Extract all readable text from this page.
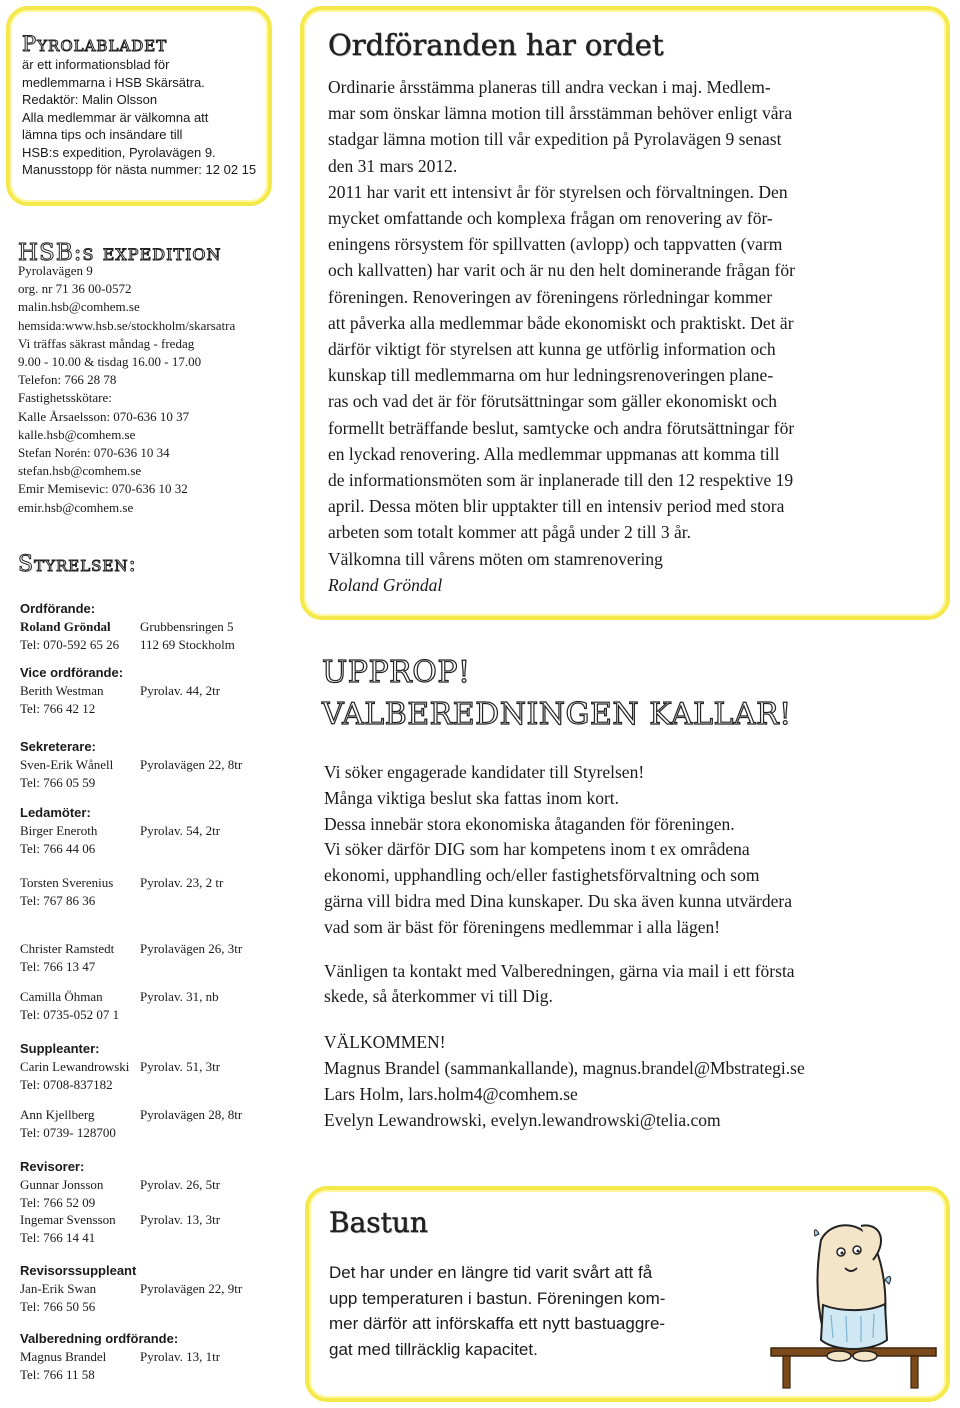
Pyrolabladet
är ett informationsblad för
medlemmarna i HSB Skärsätra.
Redaktör: Malin Olsson
Alla medlemmar är välkomna att
lämna tips och insändare till
HSB:s expedition, Pyrolavägen 9.
Manusstopp för nästa nummer: 12 02 15
HSB:s expedition
Pyrolavägen 9
org. nr 71 36 00-0572
malin.hsb@comhem.se
hemsida:www.hsb.se/stockholm/skarsatra
Vi träffas säkrast måndag - fredag
9.00 - 10.00 & tisdag 16.00 - 17.00
Telefon: 766 28 78
Fastighetsskötare:
Kalle Årsaelsson: 070-636 10 37
kalle.hsb@comhem.se
Stefan Norén: 070-636 10 34
stefan.hsb@comhem.se
Emir Memisevic: 070-636 10 32
emir.hsb@comhem.se
Styrelsen:
Ordförande:
Roland Gröndal	Grubbensringen 5
Tel: 070-592 65 26	112 69 Stockholm
Vice ordförande:
Berith Westman	Pyrolav. 44, 2tr
Tel: 766 42 12
Sekreterare:
Sven-Erik Wånell	Pyrolavägen 22, 8tr
Tel: 766 05 59
Ledamöter:
Birger Eneroth	Pyrolav. 54, 2tr
Tel: 766 44 06
Torsten Sverenius	Pyrolav. 23, 2 tr
Tel: 767 86 36
Christer Ramstedt	Pyrolavägen 26, 3tr
Tel: 766 13 47
Camilla Öhman	Pyrolav. 31, nb
Tel: 0735-052 07 1
Suppleanter:
Carin Lewandrowski Pyrolav. 51, 3tr
Tel: 0708-837182
Ann Kjellberg	Pyrolavägen 28, 8tr
Tel: 0739- 128700
Revisorer:
Gunnar Jonsson	Pyrolav. 26, 5tr
Tel: 766 52 09
Ingemar Svensson	Pyrolav. 13, 3tr
Tel: 766 14 41
Revisorssuppleant
Jan-Erik Swan	Pyrolavägen 22, 9tr
Tel: 766 50 56
Valberedning ordförande:
Magnus Brandel	Pyrolav. 13, 1tr
Tel: 766 11 58
Ordföranden har ordet
Ordinarie årsstämma planeras till andra veckan i maj. Medlem-
mar som önskar lämna motion till årsstämman behöver enligt våra
stadgar lämna motion till vår expedition på Pyrolavägen 9 senast
den 31 mars 2012.
2011 har varit ett intensivt år för styrelsen och förvaltningen. Den
mycket omfattande och komplexa frågan om renovering av för-
eningens rörsystem för spillvatten (avlopp) och tappvatten (varm
och kallvatten) har varit och är nu den helt dominerande frågan för
föreningen. Renoveringen av föreningens rörledningar kommer
att påverka alla medlemmar både ekonomiskt och praktiskt. Det är
därför viktigt för styrelsen att kunna ge utförlig information och
kunskap till medlemmarna om hur ledningsrenoveringen plane-
ras och vad det är för förutsättningar som gäller ekonomiskt och
formellt beträffande beslut, samtycke och andra förutsättningar för
en lyckad renovering. Alla medlemmar uppmanas att komma till
de informationsmöten som är inplanerade till den 12 respektive 19
april. Dessa möten blir upptakter till en intensiv period med stora
arbeten som totalt kommer att pågå under 2 till 3 år.
Välkomna till vårens möten om stamrenovering
Roland Gröndal
UPPROP!
VALBEREDNINGEN KALLAR!
Vi söker engagerade kandidater till Styrelsen!
Många viktiga beslut ska fattas inom kort.
Dessa innebär stora ekonomiska åtaganden för föreningen.
Vi söker därför DIG som har kompetens inom t ex områdena
ekonomi, upphandling och/eller fastighetsförvaltning och som
gärna vill bidra med Dina kunskaper. Du ska även kunna utvärdera
vad som är bäst för föreningens medlemmar i alla lägen!
Vänligen ta kontakt med Valberedningen, gärna via mail i ett första
skede, så återkommer vi till Dig.
VÄLKOMMEN!
Magnus Brandel (sammankallande), magnus.brandel@Mbstrategi.se
Lars Holm, lars.holm4@comhem.se
Evelyn Lewandrowski, evelyn.lewandrowski@telia.com
Bastun
Det har under en längre tid varit svårt att få
upp temperaturen i bastun. Föreningen kom-
mer därför att införskaffa ett nytt bastuaggre-
gat med tillräcklig kapacitet.
